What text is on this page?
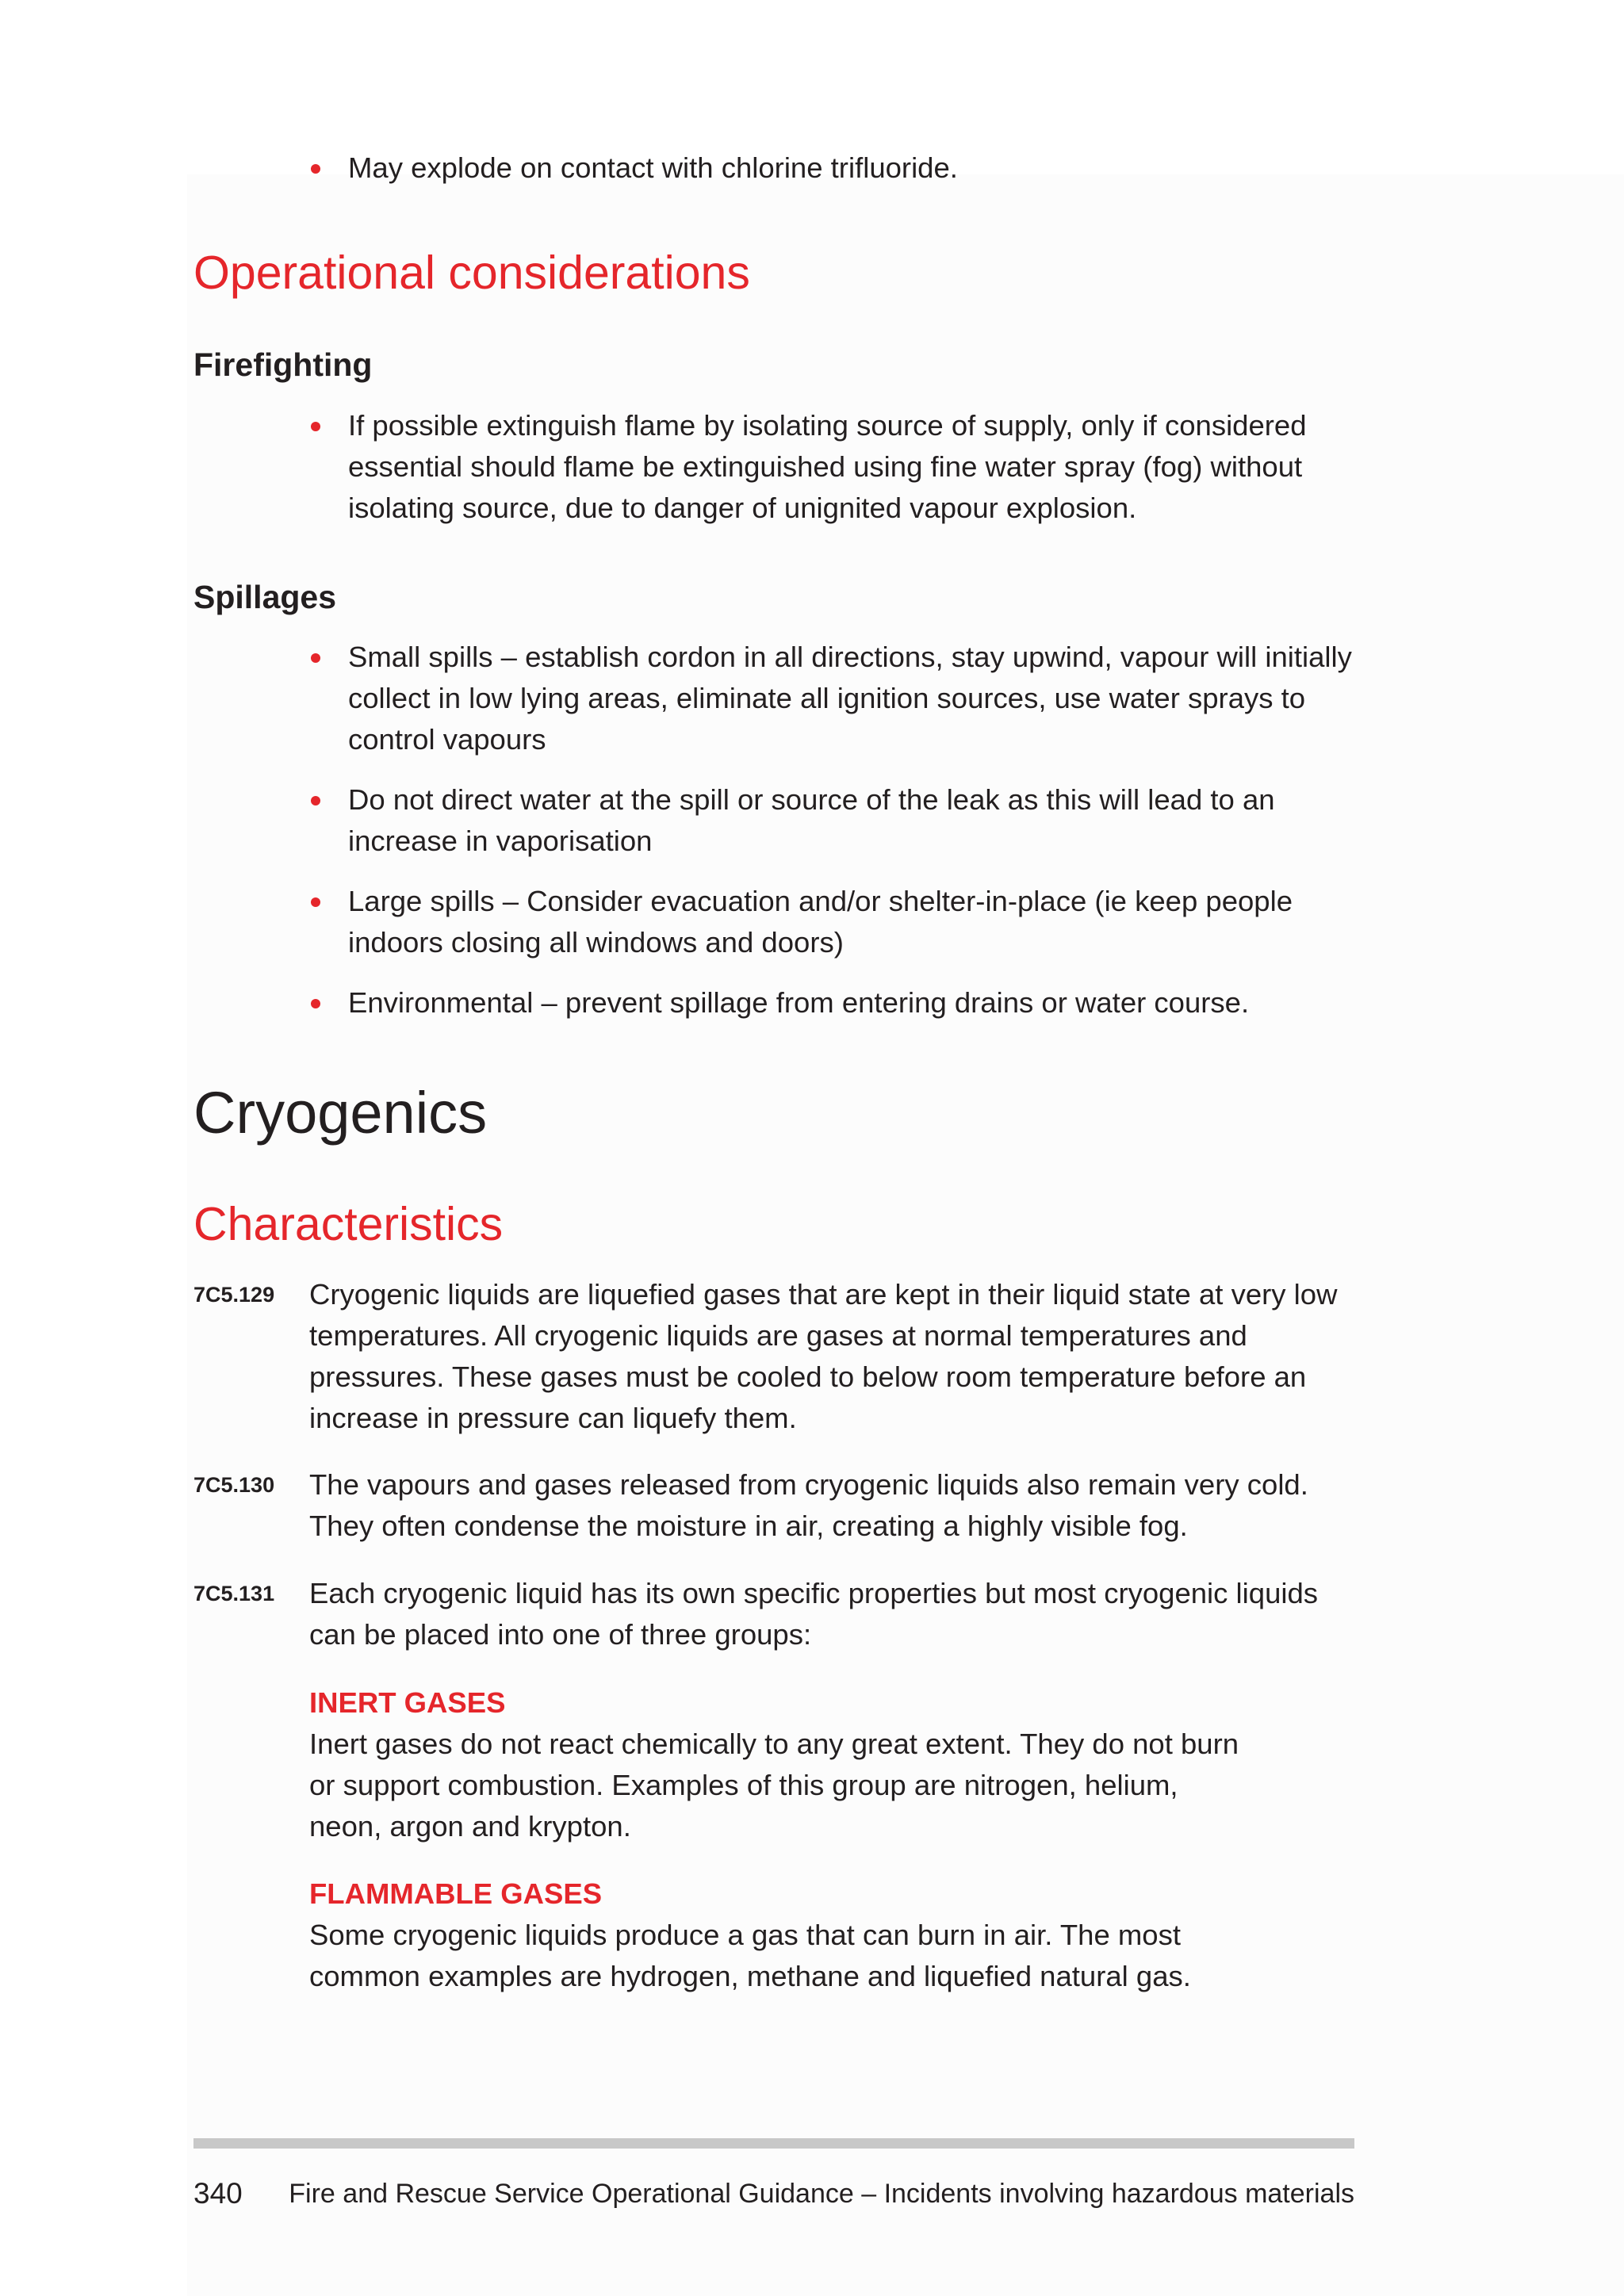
May explode on contact with chlorine trifluoride.
Operational considerations
Firefighting
If possible extinguish flame by isolating source of supply, only if considered essential should flame be extinguished using fine water spray (fog) without isolating source, due to danger of unignited vapour explosion.
Spillages
Small spills – establish cordon in all directions, stay upwind, vapour will initially collect in low lying areas, eliminate all ignition sources, use water sprays to control vapours
Do not direct water at the spill or source of the leak as this will lead to an increase in vaporisation
Large spills – Consider evacuation and/or shelter-in-place (ie keep people indoors closing all windows and doors)
Environmental – prevent spillage from entering drains or water course.
Cryogenics
Characteristics
7C5.129 Cryogenic liquids are liquefied gases that are kept in their liquid state at very low temperatures. All cryogenic liquids are gases at normal temperatures and pressures. These gases must be cooled to below room temperature before an increase in pressure can liquefy them.
7C5.130 The vapours and gases released from cryogenic liquids also remain very cold. They often condense the moisture in air, creating a highly visible fog.
7C5.131 Each cryogenic liquid has its own specific properties but most cryogenic liquids can be placed into one of three groups:

INERT GASES

Inert gases do not react chemically to any great extent. They do not burn or support combustion. Examples of this group are nitrogen, helium, neon, argon and krypton.

FLAMMABLE GASES

Some cryogenic liquids produce a gas that can burn in air. The most common examples are hydrogen, methane and liquefied natural gas.

340 Fire and Rescue Service Operational Guidance – Incidents involving hazardous materials
